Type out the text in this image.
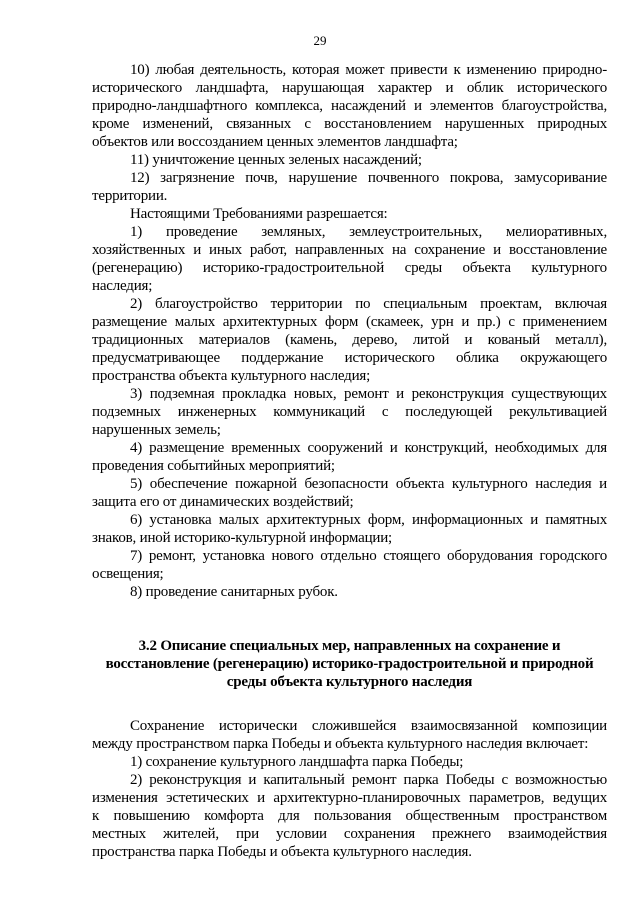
29
10) любая деятельность, которая может привести к изменению природно-
исторического ландшафта, нарушающая характер и облик исторического
природно-ландшафтного комплекса, насаждений и элементов благоустройства,
кроме изменений, связанных с восстановлением нарушенных природных
объектов или воссозданием ценных элементов ландшафта;
11) уничтожение ценных зеленых насаждений;
12) загрязнение почв, нарушение почвенного покрова, замусоривание
территории.
Настоящими Требованиями разрешается:
1) проведение земляных, землеустроительных, мелиоративных,
хозяйственных и иных работ, направленных на сохранение и восстановление
(регенерацию) историко-градостроительной среды объекта культурного
наследия;
2) благоустройство территории по специальным проектам, включая
размещение малых архитектурных форм (скамеек, урн и пр.) с применением
традиционных материалов (камень, дерево, литой и кованый металл),
предусматривающее поддержание исторического облика окружающего
пространства объекта культурного наследия;
3) подземная прокладка новых, ремонт и реконструкция существующих
подземных инженерных коммуникаций с последующей рекультивацией
нарушенных земель;
4) размещение временных сооружений и конструкций, необходимых для
проведения событийных мероприятий;
5) обеспечение пожарной безопасности объекта культурного наследия и
защита его от динамических воздействий;
6) установка малых архитектурных форм, информационных и памятных
знаков, иной историко-культурной информации;
7) ремонт, установка нового отдельно стоящего оборудования городского
освещения;
8) проведение санитарных рубок.
3.2 Описание специальных мер, направленных на сохранение и
восстановление (регенерацию) историко-градостроительной и природной
среды объекта культурного наследия
Сохранение исторически сложившейся взаимосвязанной композиции
между пространством парка Победы и объекта культурного наследия включает:
1) сохранение культурного ландшафта парка Победы;
2) реконструкция и капитальный ремонт парка Победы с возможностью
изменения эстетических и архитектурно-планировочных параметров, ведущих
к повышению комфорта для пользования общественным пространством
местных жителей, при условии сохранения прежнего взаимодействия
пространства парка Победы и объекта культурного наследия.
